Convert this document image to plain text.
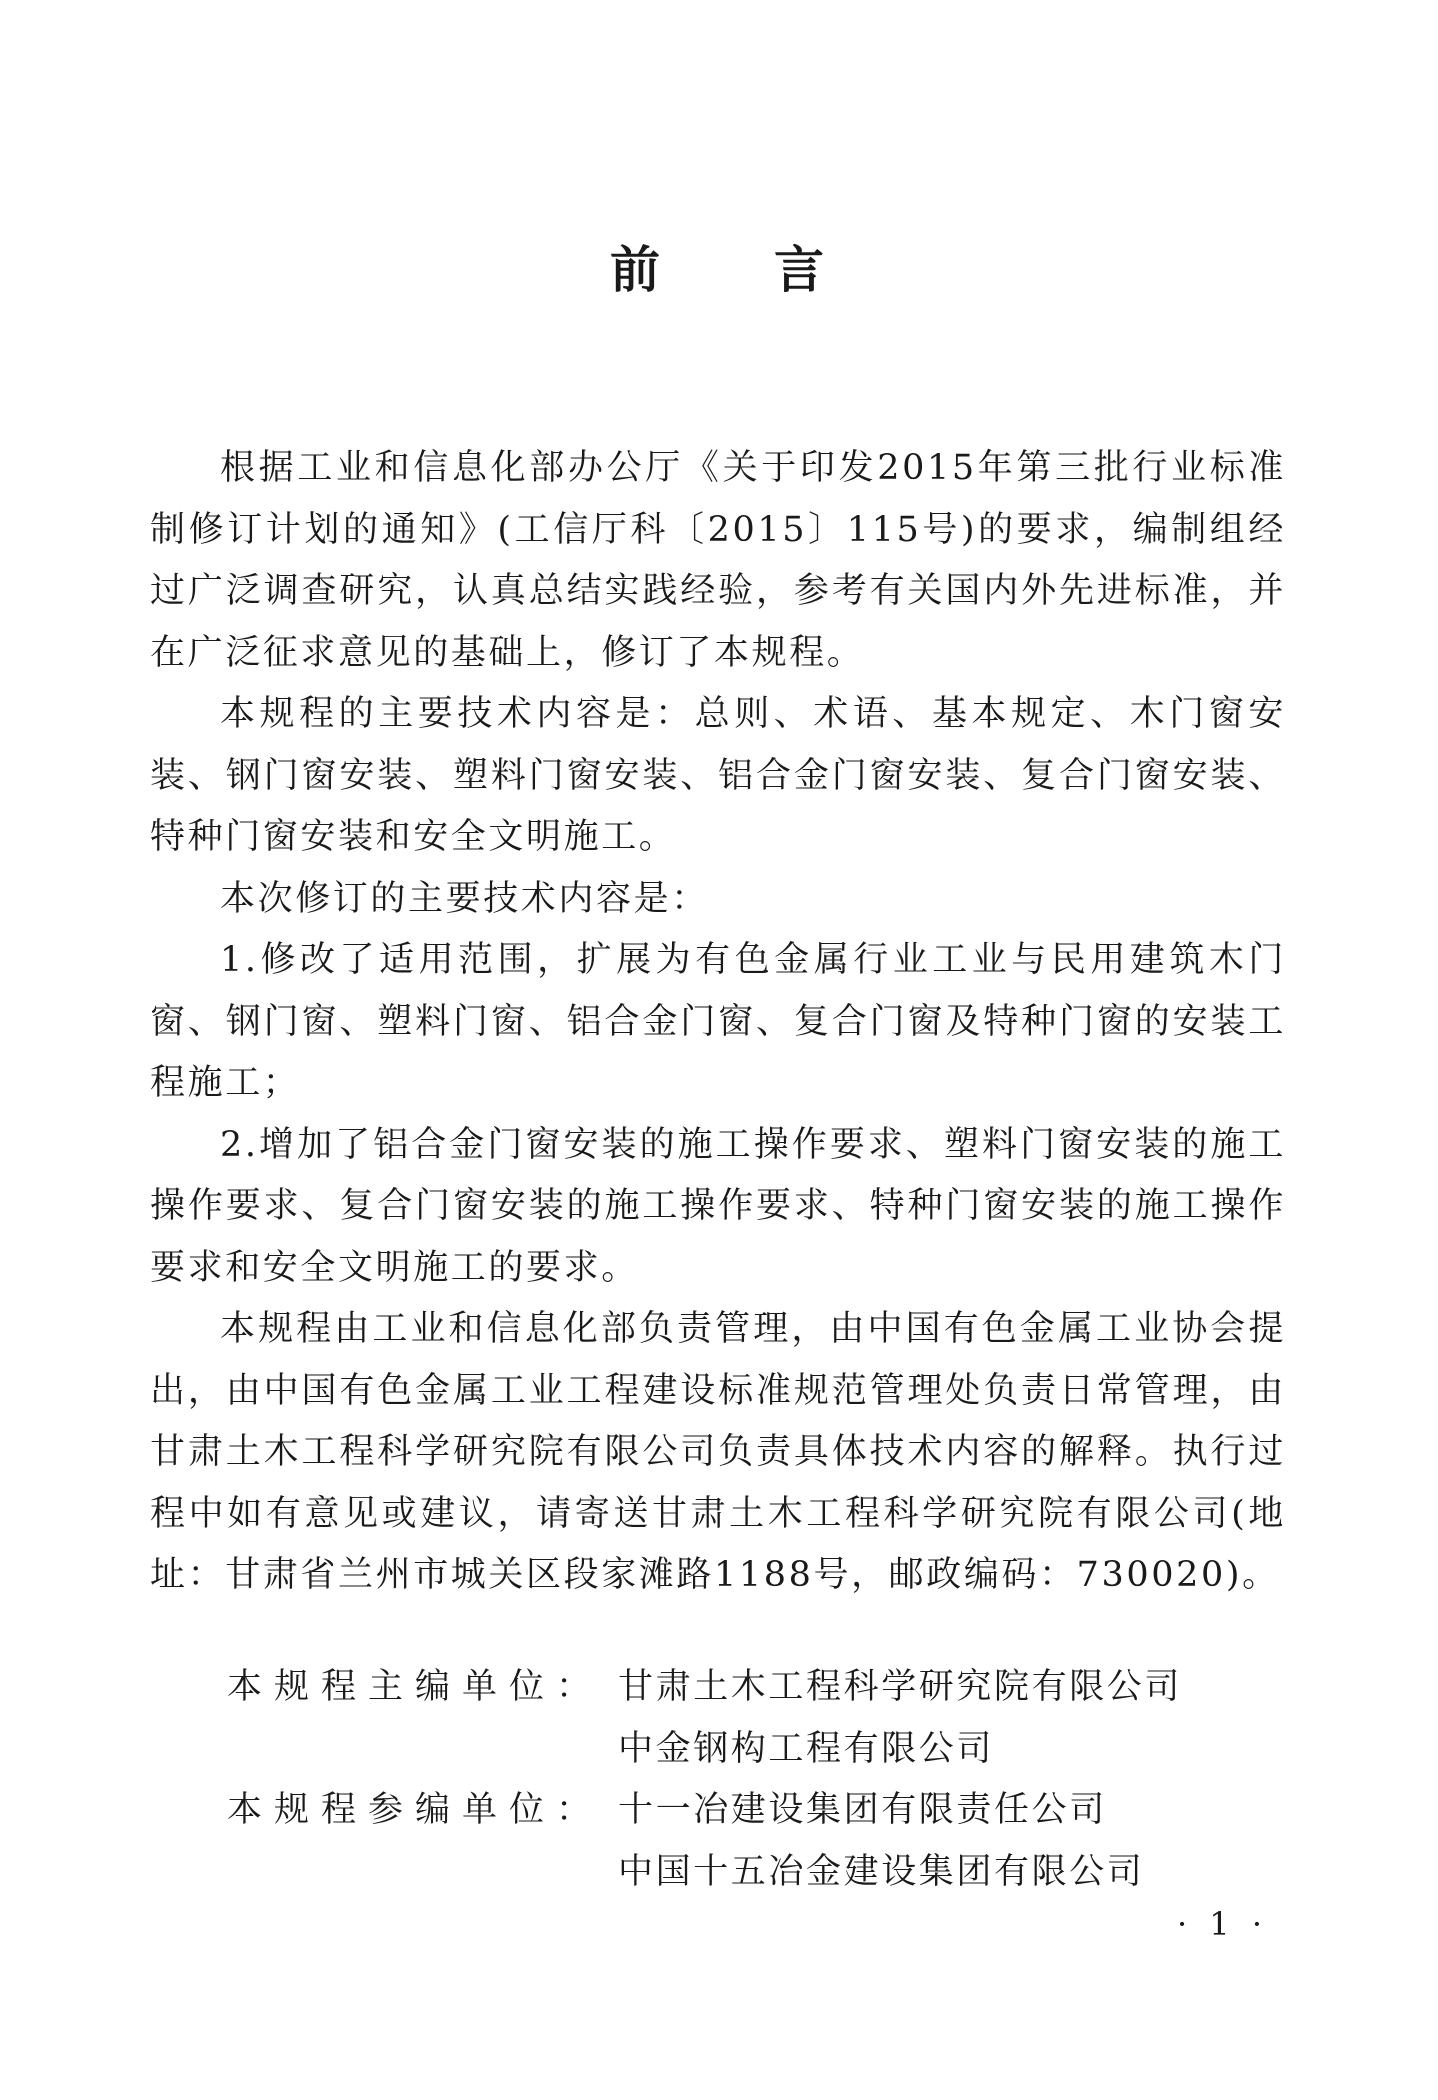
前 言

根据工业和信息化部办公厅《关于印发2015年第三批行业标准制修订计划的通知》(工信厅科〔2015〕115号)的要求，编制组经过广泛调查研究，认真总结实践经验，参考有关国内外先进标准，并在广泛征求意见的基础上，修订了本规程。

本规程的主要技术内容是：总则、术语、基本规定、木门窗安装、钢门窗安装、塑料门窗安装、铝合金门窗安装、复合门窗安装、特种门窗安装和安全文明施工。

本次修订的主要技术内容是：

1.修改了适用范围，扩展为有色金属行业工业与民用建筑木门窗、钢门窗、塑料门窗、铝合金门窗、复合门窗及特种门窗的安装工程施工；

2.增加了铝合金门窗安装的施工操作要求、塑料门窗安装的施工操作要求、复合门窗安装的施工操作要求、特种门窗安装的施工操作要求和安全文明施工的要求。

本规程由工业和信息化部负责管理，由中国有色金属工业协会提出，由中国有色金属工业工程建设标准规范管理处负责日常管理，由甘肃土木工程科学研究院有限公司负责具体技术内容的解释。执行过程中如有意见或建议，请寄送甘肃土木工程科学研究院有限公司(地址：甘肃省兰州市城关区段家滩路1188号，邮政编码：730020)。

本规程主编单位： 甘肃土木工程科学研究院有限公司
中金钢构工程有限公司
本规程参编单位： 十一冶建设集团有限责任公司
中国十五冶金建设集团有限公司
· 1 ·
